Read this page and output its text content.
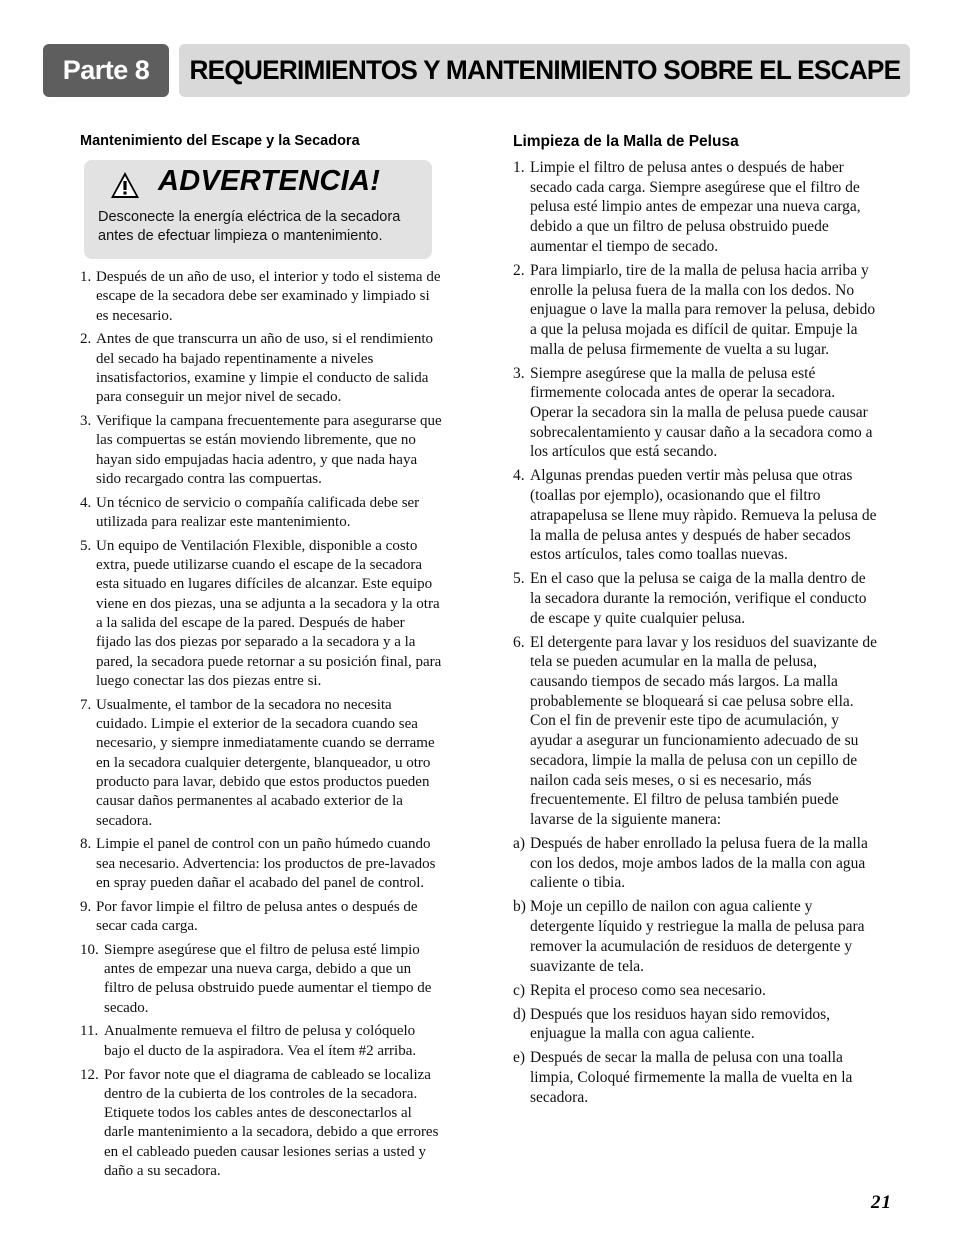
Parte 8	REQUERIMIENTOS Y MANTENIMIENTO SOBRE EL ESCAPE
Mantenimiento del Escape y la Secadora
ADVERTENCIA!
Desconecte la energía eléctrica de la secadora antes de efectuar limpieza o mantenimiento.
1. Después de un año de uso, el interior y todo el sistema de escape de la secadora debe ser examinado y limpiado si es necesario.
2. Antes de que transcurra un año de uso, si el rendimiento del secado ha bajado repentinamente a niveles insatisfactorios, examine y limpie el conducto de salida para conseguir un mejor nivel de secado.
3. Verifique la campana frecuentemente para asegurarse que las compuertas se están moviendo libremente, que no hayan sido empujadas hacia adentro, y que nada haya sido recargado contra las compuertas.
4. Un técnico de servicio o compañía calificada debe ser utilizada para realizar este mantenimiento.
5. Un equipo de Ventilación Flexible, disponible a costo extra, puede utilizarse cuando el escape de la secadora esta situado en lugares difíciles de alcanzar. Este equipo viene en dos piezas, una se adjunta a la secadora y la otra a la salida del escape de la pared. Después de haber fijado las dos piezas por separado a la secadora y a la pared, la secadora puede retornar a su posición final, para luego conectar las dos piezas entre si.
7. Usualmente, el tambor de la secadora no necesita cuidado. Limpie el exterior de la secadora cuando sea necesario, y siempre inmediatamente cuando se derrame en la secadora cualquier detergente, blanqueador, u otro producto para lavar, debido que estos productos pueden causar daños permanentes al acabado exterior de la secadora.
8. Limpie el panel de control con un paño húmedo cuando sea necesario. Advertencia: los productos de pre-lavados en spray pueden dañar el acabado del panel de control.
9. Por favor limpie el filtro de pelusa antes o después de secar cada carga.
10. Siempre asegúrese que el filtro de pelusa esté limpio antes de empezar una nueva carga, debido a que un filtro de pelusa obstruido puede aumentar el tiempo de secado.
11. Anualmente remueva el filtro de pelusa y colóquelo bajo el ducto de la aspiradora. Vea el ítem #2 arriba.
12. Por favor note que el diagrama de cableado se localiza dentro de la cubierta de los controles de la secadora. Etiquete todos los cables antes de desconectarlos al darle mantenimiento a la secadora, debido a que errores en el cableado pueden causar lesiones serias a usted y daño a su secadora.
Limpieza de la Malla de Pelusa
1. Limpie el filtro de pelusa antes o después de haber secado cada carga. Siempre asegúrese que el filtro de pelusa esté limpio antes de empezar una nueva carga, debido a que un filtro de pelusa obstruido puede aumentar el tiempo de secado.
2. Para limpiarlo, tire de la malla de pelusa hacia arriba y enrolle la pelusa fuera de la malla con los dedos. No enjuague o lave la malla para remover la pelusa, debido a que la pelusa mojada es difícil de quitar. Empuje la malla de pelusa firmemente de vuelta a su lugar.
3. Siempre asegúrese que la malla de pelusa esté firmemente colocada antes de operar la secadora. Operar la secadora sin la malla de pelusa puede causar sobrecalentamiento y causar daño a la secadora como a los artículos que está secando.
4. Algunas prendas pueden vertir màs pelusa que otras (toallas por ejemplo), ocasionando que el filtro atrapapelusa se llene muy ràpido. Remueva la pelusa de la malla de pelusa antes y después de haber secados estos artículos, tales como toallas nuevas.
5. En el caso que la pelusa se caiga de la malla dentro de la secadora durante la remoción, verifique el conducto de escape y quite cualquier pelusa.
6. El detergente para lavar y los residuos del suavizante de tela se pueden acumular en la malla de pelusa, causando tiempos de secado más largos. La malla probablemente se bloqueará si cae pelusa sobre ella. Con el fin de prevenir este tipo de acumulación, y ayudar a asegurar un funcionamiento adecuado de su secadora, limpie la malla de pelusa con un cepillo de nailon cada seis meses, o si es necesario, más frecuentemente. El filtro de pelusa también puede lavarse de la siguiente manera:
a) Después de haber enrollado la pelusa fuera de la malla con los dedos, moje ambos lados de la malla con agua caliente o tibia.
b) Moje un cepillo de nailon con agua caliente y detergente líquido y restriegue la malla de pelusa para remover la acumulación de residuos de detergente y suavizante de tela.
c) Repita el proceso como sea necesario.
d) Después que los residuos hayan sido removidos, enjuague la malla con agua caliente.
e) Después de secar la malla de pelusa con una toalla limpia, Coloqué firmemente la malla de vuelta en la secadora.
21
